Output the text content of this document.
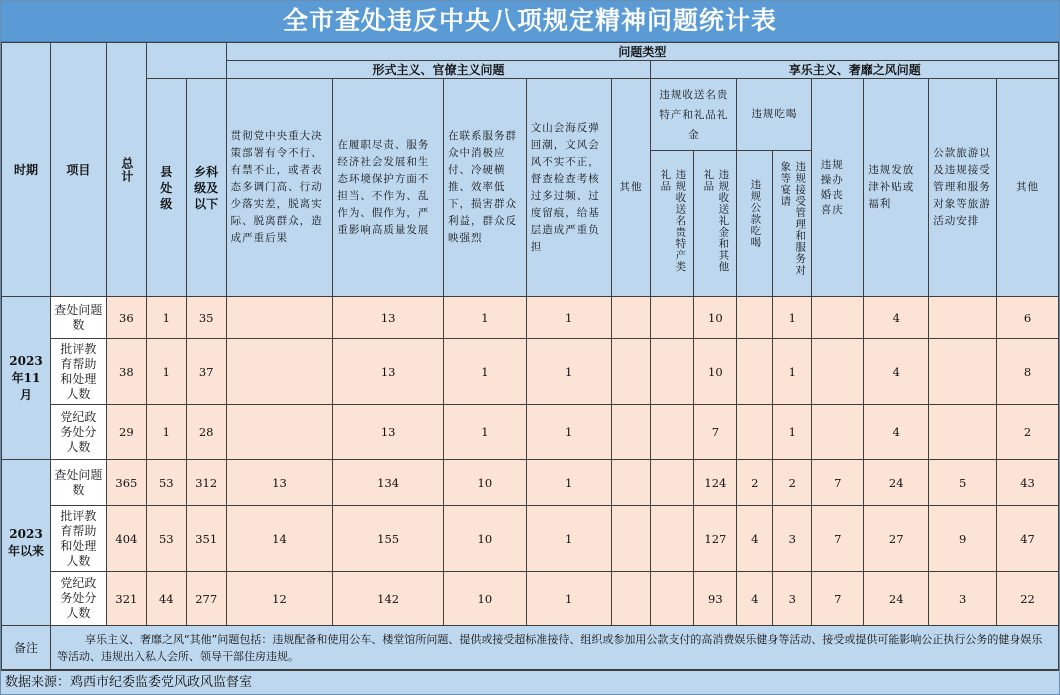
全市查处违反中央八项规定精神问题统计表
时期	项目	总计			问题类型												
					形式主义、官僚主义问题					享乐主义、奢靡之风问题							

			县处级	乡科级及以下	贯彻党中央重大决策部署有令不行、有禁不止，或者表态多调门高、行动少落实差，脱离实际、脱离群众，造成严重后果	在履职尽责、服务经济社会发展和生态环境保护方面不担当、不作为、乱作为、假作为，严重影响高质量发展	在联系服务群众中消极应付、冷硬横推、效率低下，损害群众利益，群众反映强烈	文山会海反弹回潮，文风会风不实不正，督查检查考核过多过频、过度留痕，给基层造成严重负担	其他	违规收送名贵特产和礼品礼金		违规吃喝		违规操办婚丧喜庆	违规发放津补贴或福利	公款旅游以及违规接受管理和服务对象等旅游活动安排	其他

										违规收送名贵特产类礼品	违规收送礼金和其他礼品	违规公款吃喝	违规接受管理和服务对象等宴请				

2023年11月	查处问题数	36	1	35		13	1	1			10		1		4		6

	批评教育帮助和处理人数	38	1	37		13	1	1			10		1		4		8

	党纪政务处分人数	29	1	28		13	1	1			7		1		4		2

2023年以来	查处问题数	365	53	312	13	134	10	1			124	2	2	7	24	5	43

	批评教育帮助和处理人数	404	53	351	14	155	10	1			127	4	3	7	27	9	47

	党纪政务处分人数	321	44	277	12	142	10	1			93	4	3	7	24	3	22
备注	享乐主义、奢靡之风“其他”问题包括：违规配备和使用公车、楼堂馆所问题、提供或接受超标准接待、组织或参加用公款支付的高消费娱乐健身等活动、接受或提供可能影响公正执行公务的健身娱乐等活动、违规出入私人会所、领导干部住房违规。																
数据来源：鸡西市纪委监委党风政风监督室
